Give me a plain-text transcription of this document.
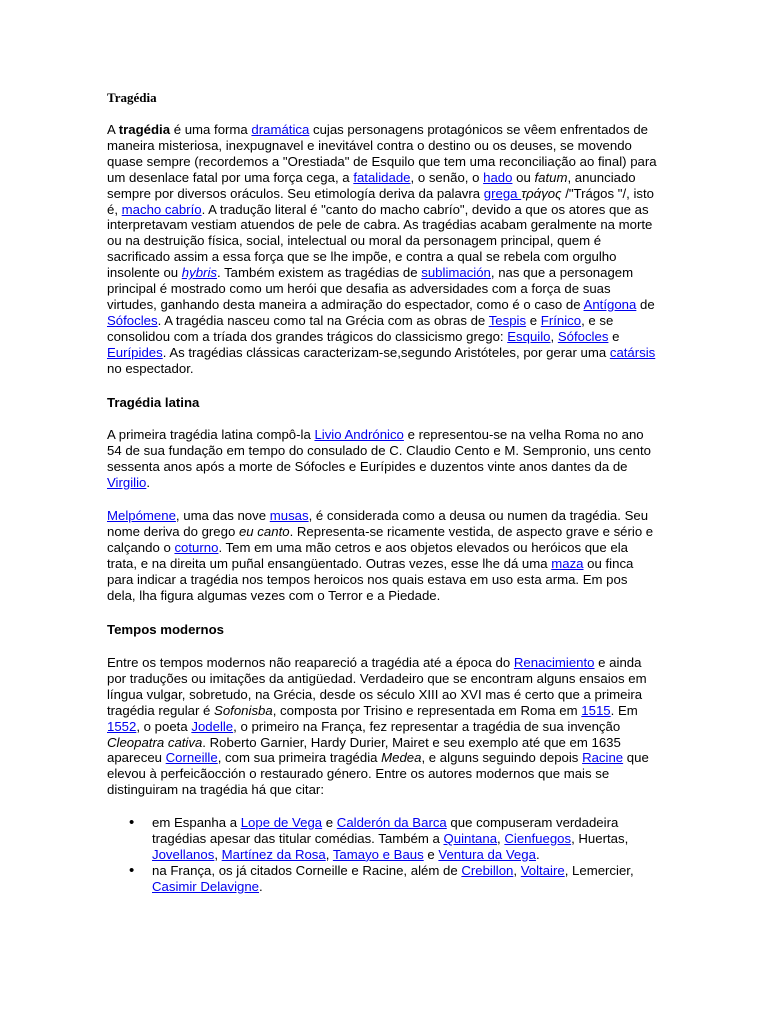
Tragédia

A tragédia é uma forma dramática cujas personagens protagónicos se vêem enfrentados de maneira misteriosa, inexpugnavel e inevitável contra o destino ou os deuses, se movendo quase sempre (recordemos a "Orestiada" de Esquilo que tem uma reconciliação ao final) para um desenlace fatal por uma força cega, a fatalidade, o senão, o hado ou fatum, anunciado sempre por diversos oráculos. Seu etimología deriva da palavra grega τράγος /"Trágos "/, isto é, macho cabrío. A tradução literal é "canto do macho cabrío", devido a que os atores que as interpretavam vestiam atuendos de pele de cabra. As tragédias acabam geralmente na morte ou na destruição física, social, intelectual ou moral da personagem principal, quem é sacrificado assim a essa força que se lhe impõe, e contra a qual se rebela com orgulho insolente ou hybris. Também existem as tragédias de sublimación, nas que a personagem principal é mostrado como um herói que desafia as adversidades com a força de suas virtudes, ganhando desta maneira a admiração do espectador, como é o caso de Antígona de Sófocles. A tragédia nasceu como tal na Grécia com as obras de Tespis e Frínico, e se consolidou com a tríada dos grandes trágicos do classicismo grego: Esquilo, Sófocles e Eurípides. As tragédias clássicas caracterizam-se,segundo Aristóteles, por gerar uma catársis no espectador.

Tragédia latina

A primeira tragédia latina compô-la Livio Andrónico e representou-se na velha Roma no ano 54 de sua fundação em tempo do consulado de C. Claudio Cento e M. Sempronio, uns cento sessenta anos após a morte de Sófocles e Eurípides e duzentos vinte anos dantes da de Virgilio.

Melpómene, uma das nove musas, é considerada como a deusa ou numen da tragédia. Seu nome deriva do grego eu canto. Representa-se ricamente vestida, de aspecto grave e sério e calçando o coturno. Tem em uma mão cetros e aos objetos elevados ou heróicos que ela trata, e na direita um puñal ensangüentado. Outras vezes, esse lhe dá uma maza ou finca para indicar a tragédia nos tempos heroicos nos quais estava em uso esta arma. Em pos dela, lha figura algumas vezes com o Terror e a Piedade.

Tempos modernos

Entre os tempos modernos não reapareció a tragédia até a época do Renacimiento e ainda por traduções ou imitações da antigüedad. Verdadeiro que se encontram alguns ensaios em língua vulgar, sobretudo, na Grécia, desde os século XIII ao XVI mas é certo que a primeira tragédia regular é Sofonisba, composta por Trisino e representada em Roma em 1515. Em 1552, o poeta Jodelle, o primeiro na França, fez representar a tragédia de sua invenção Cleopatra cativa. Roberto Garnier, Hardy Durier, Mairet e seu exemplo até que em 1635 apareceu Corneille, com sua primeira tragédia Medea, e alguns seguindo depois Racine que elevou à perfeicãocción o restaurado género. Entre os autores modernos que mais se distinguiram na tragédia há que citar:

• em Espanha a Lope de Vega e Calderón da Barca que compuseram verdadeira tragédias apesar das titular comédias. Também a Quintana, Cienfuegos, Huertas, Jovellanos, Martínez da Rosa, Tamayo e Baus e Ventura da Vega.
• na França, os já citados Corneille e Racine, além de Crebillon, Voltaire, Lemercier, Casimir Delavigne.
